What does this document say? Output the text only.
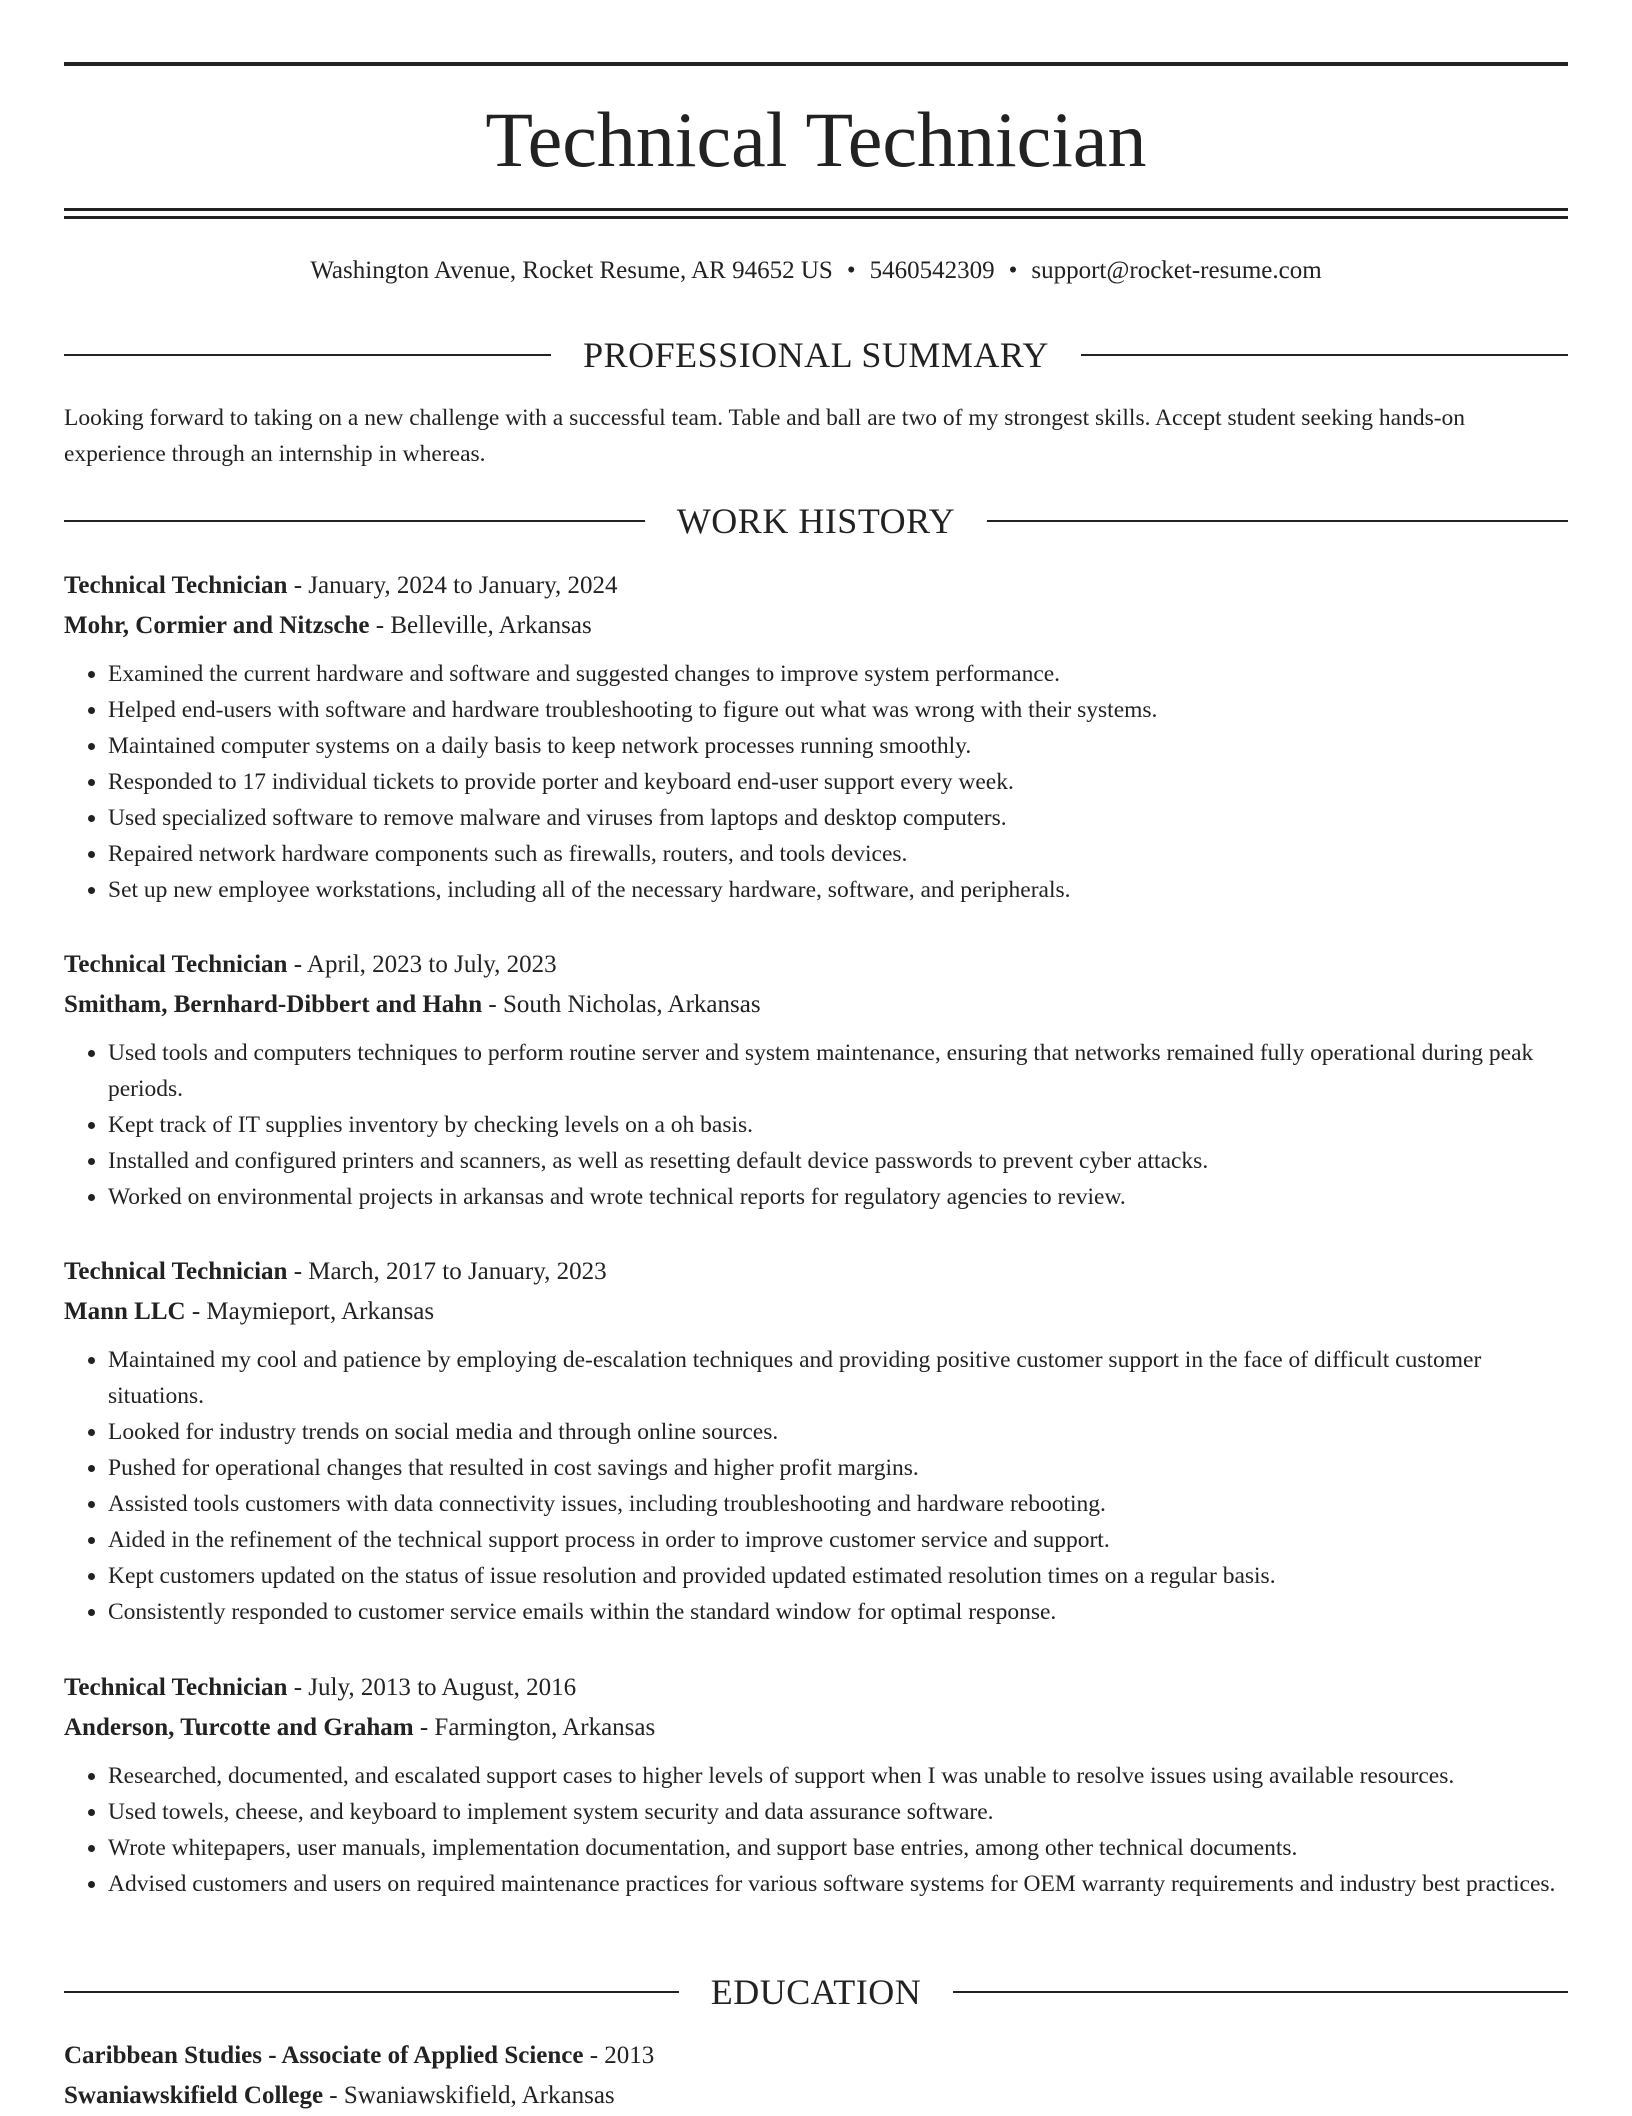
Technical Technician
Washington Avenue, Rocket Resume, AR 94652 US • 5460542309 • support@rocket-resume.com
PROFESSIONAL SUMMARY

Looking forward to taking on a new challenge with a successful team. Table and ball are two of my strongest skills. Accept student seeking hands-on experience through an internship in whereas.

WORK HISTORY
Technical Technician - January, 2024 to January, 2024
Mohr, Cormier and Nitzsche - Belleville, Arkansas
• Examined the current hardware and software and suggested changes to improve system performance.
• Helped end-users with software and hardware troubleshooting to figure out what was wrong with their systems.
• Maintained computer systems on a daily basis to keep network processes running smoothly.
• Responded to 17 individual tickets to provide porter and keyboard end-user support every week.
• Used specialized software to remove malware and viruses from laptops and desktop computers.
• Repaired network hardware components such as firewalls, routers, and tools devices.
• Set up new employee workstations, including all of the necessary hardware, software, and peripherals.
Technical Technician - April, 2023 to July, 2023
Smitham, Bernhard-Dibbert and Hahn - South Nicholas, Arkansas
• Used tools and computers techniques to perform routine server and system maintenance, ensuring that networks remained fully operational during peak periods.
• Kept track of IT supplies inventory by checking levels on a oh basis.
• Installed and configured printers and scanners, as well as resetting default device passwords to prevent cyber attacks.
• Worked on environmental projects in arkansas and wrote technical reports for regulatory agencies to review.
Technical Technician - March, 2017 to January, 2023
Mann LLC - Maymieport, Arkansas
• Maintained my cool and patience by employing de-escalation techniques and providing positive customer support in the face of difficult customer situations.
• Looked for industry trends on social media and through online sources.
• Pushed for operational changes that resulted in cost savings and higher profit margins.
• Assisted tools customers with data connectivity issues, including troubleshooting and hardware rebooting.
• Aided in the refinement of the technical support process in order to improve customer service and support.
• Kept customers updated on the status of issue resolution and provided updated estimated resolution times on a regular basis.
• Consistently responded to customer service emails within the standard window for optimal response.
Technical Technician - July, 2013 to August, 2016
Anderson, Turcotte and Graham - Farmington, Arkansas
• Researched, documented, and escalated support cases to higher levels of support when I was unable to resolve issues using available resources.
• Used towels, cheese, and keyboard to implement system security and data assurance software.
• Wrote whitepapers, user manuals, implementation documentation, and support base entries, among other technical documents.
• Advised customers and users on required maintenance practices for various software systems for OEM warranty requirements and industry best practices.
EDUCATION
Caribbean Studies - Associate of Applied Science - 2013
Swaniawskifield College - Swaniawskifield, Arkansas
